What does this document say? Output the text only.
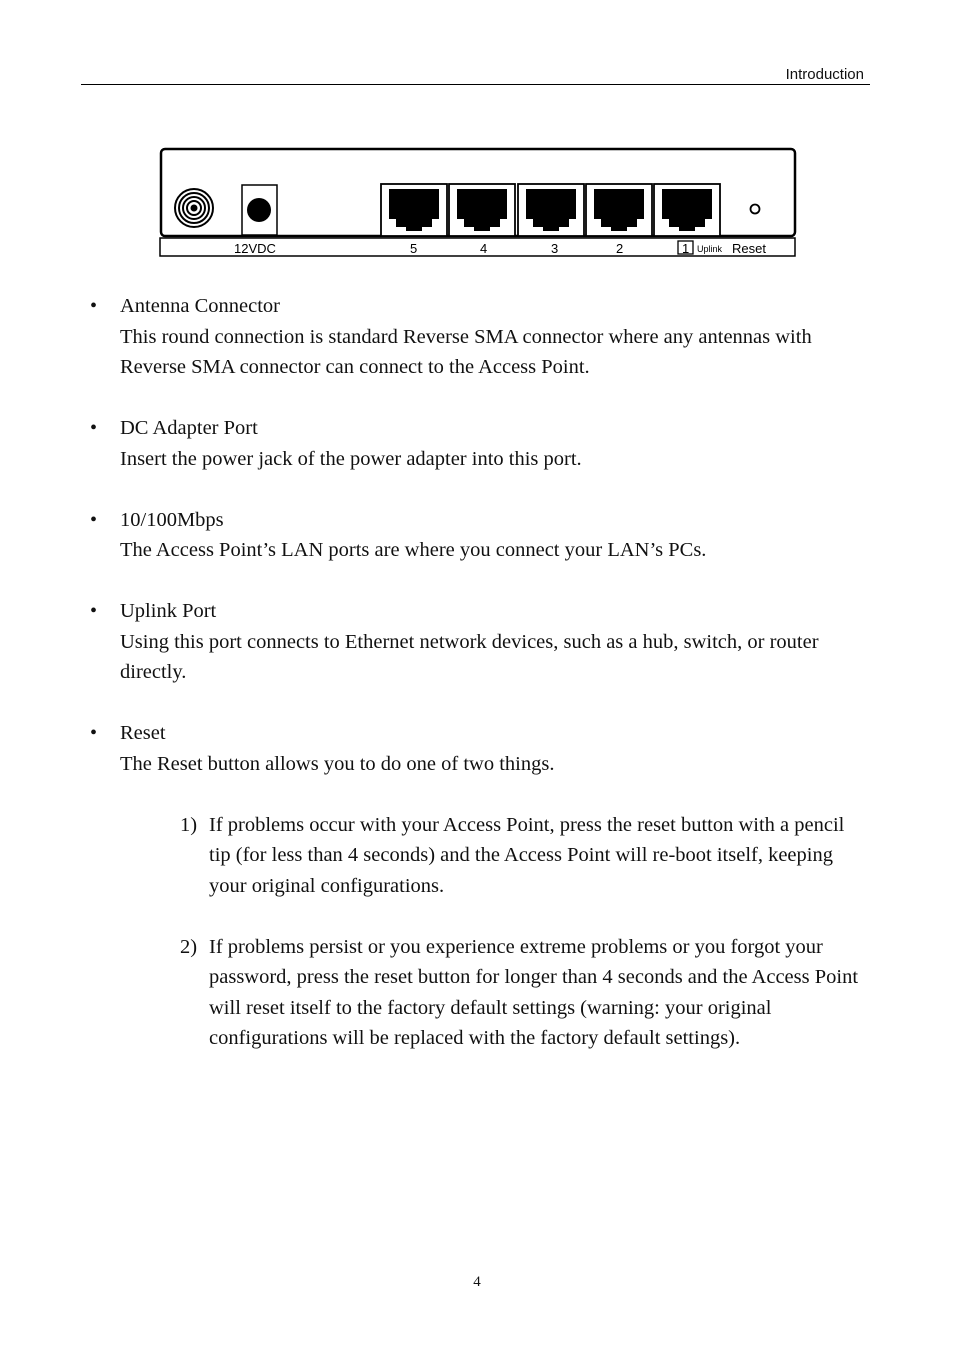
Introduction
12VDC	5	4	3	2	1 Uplink Reset
• Antenna Connector
This round connection is standard Reverse SMA connector where any antennas with Reverse SMA connector can connect to the Access Point.
• DC Adapter Port
Insert the power jack of the power adapter into this port.
• 10/100Mbps
The Access Point’s LAN ports are where you connect your LAN’s PCs.
• Uplink Port
Using this port connects to Ethernet network devices, such as a hub, switch, or router directly.
• Reset
The Reset button allows you to do one of two things.
1) If problems occur with your Access Point, press the reset button with a pencil tip (for less than 4 seconds) and the Access Point will re-boot itself, keeping your original configurations.
2) If problems persist or you experience extreme problems or you forgot your password, press the reset button for longer than 4 seconds and the Access Point will reset itself to the factory default settings (warning: your original configurations will be replaced with the factory default settings).
4
